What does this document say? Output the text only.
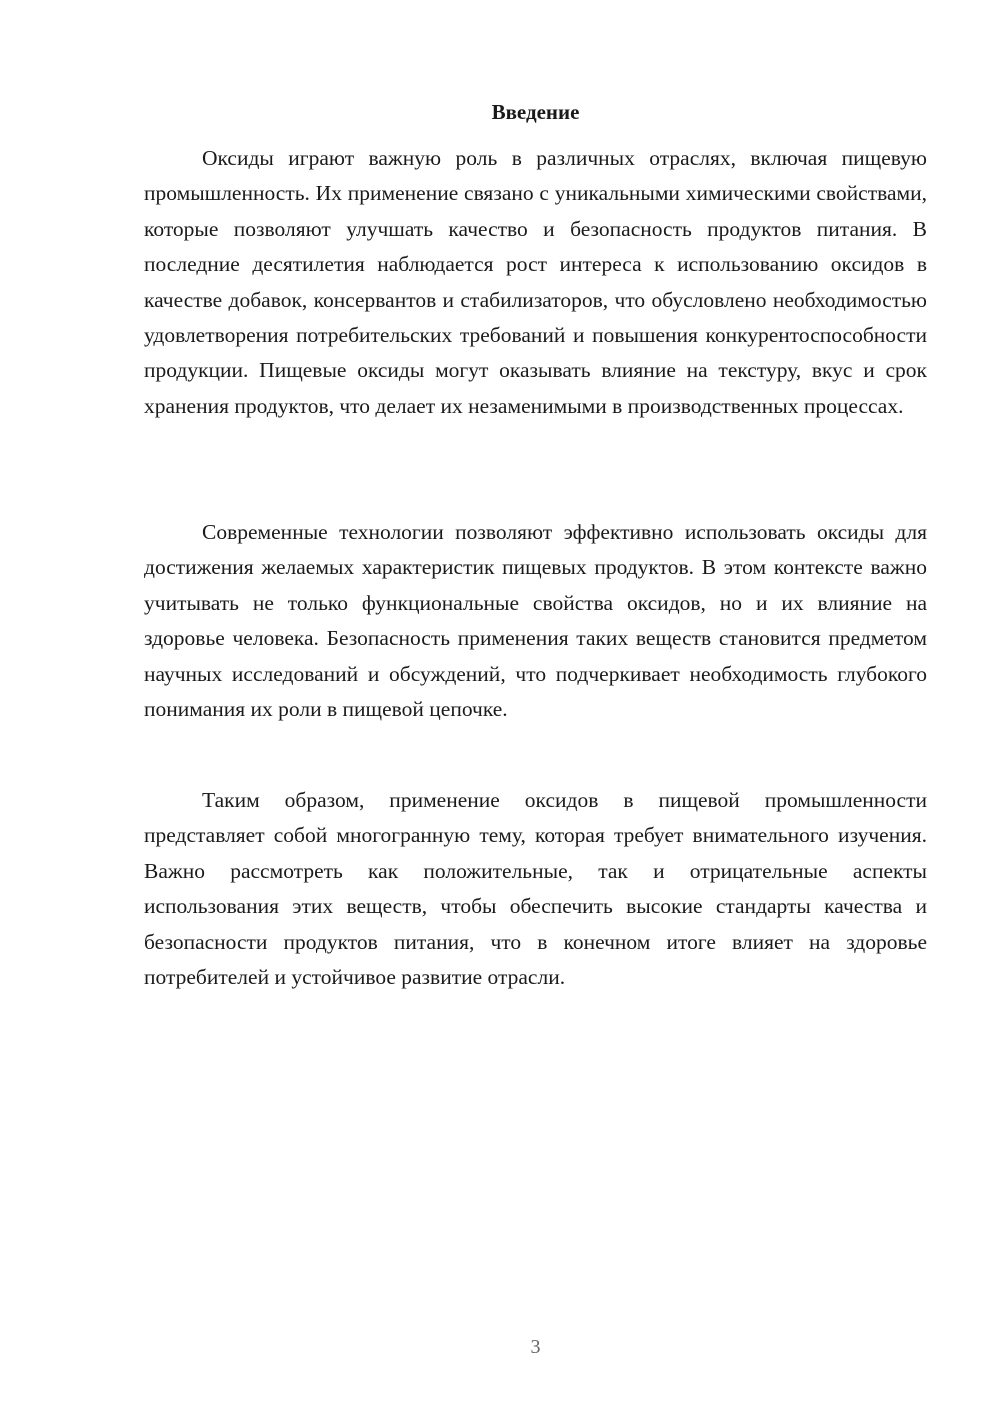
Введение

Оксиды играют важную роль в различных отраслях, включая пищевую промышленность. Их применение связано с уникальными химическими свойствами, которые позволяют улучшать качество и безопасность продуктов питания. В последние десятилетия наблюдается рост интереса к использованию оксидов в качестве добавок, консервантов и стабилизаторов, что обусловлено необходимостью удовлетворения потребительских требований и повышения конкурентоспособности продукции. Пищевые оксиды могут оказывать влияние на текстуру, вкус и срок хранения продуктов, что делает их незаменимыми в производственных процессах.

Современные технологии позволяют эффективно использовать оксиды для достижения желаемых характеристик пищевых продуктов. В этом контексте важно учитывать не только функциональные свойства оксидов, но и их влияние на здоровье человека. Безопасность применения таких веществ становится предметом научных исследований и обсуждений, что подчеркивает необходимость глубокого понимания их роли в пищевой цепочке.

Таким образом, применение оксидов в пищевой промышленности представляет собой многогранную тему, которая требует внимательного изучения. Важно рассмотреть как положительные, так и отрицательные аспекты использования этих веществ, чтобы обеспечить высокие стандарты качества и безопасности продуктов питания, что в конечном итоге влияет на здоровье потребителей и устойчивое развитие отрасли.

3
